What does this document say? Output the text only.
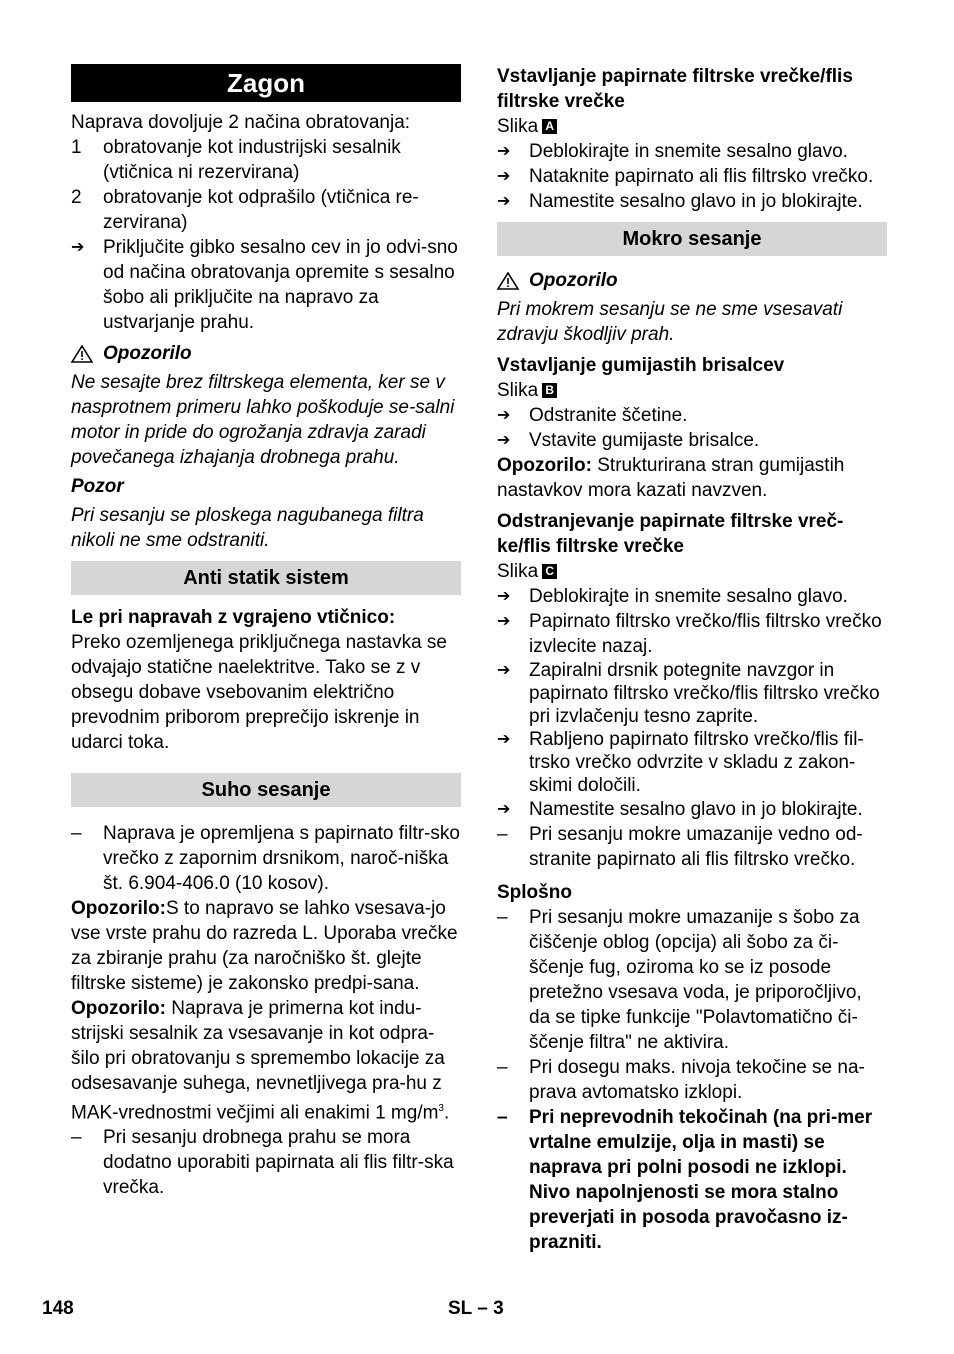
Zagon

Naprava dovoljuje 2 načina obratovanja:

1	obratovanje kot industrijski sesalnik (vtičnica ni rezervirana)
2	obratovanje kot odprašilo (vtičnica re-zervirana)
➔ Priključite gibko sesalno cev in jo odvi-sno od načina obratovanja opremite s sesalno šobo ali priključite na napravo za ustvarjanje prahu.
Opozorilo

Ne sesajte brez filtrskega elementa, ker se v nasprotnem primeru lahko poškoduje se-salni motor in pride do ogrožanja zdravja zaradi povečanega izhajanja drobnega prahu.

Pozor

Pri sesanju se ploskega nagubanega filtra nikoli ne sme odstraniti.

Anti statik sistem

Le pri napravah z vgrajeno vtičnico:

Preko ozemljenega priključnega nastavka se odvajajo statične naelektritve. Tako se z v obsegu dobave vsebovanim električno prevodnim priborom preprečijo iskrenje in udarci toka.

Suho sesanje
–	Naprava je opremljena s papirnato filtr-sko vrečko z zapornim drsnikom, naroč-niška št. 6.904-406.0 (10 kosov).

Opozorilo:S to napravo se lahko vsesava-jo vse vrste prahu do razreda L. Uporaba vrečke za zbiranje prahu (za naročniško št. glejte filtrske sisteme) je zakonsko predpi-sana.

Opozorilo: Naprava je primerna kot indu-strijski sesalnik za vsesavanje in kot odpra-šilo pri obratovanju s spremembo lokacije za odsesavanje suhega, nevnetljivega pra-hu z MAK-vrednostmi večjimi ali enakimi 1 $mg/m^3$.

–	Pri sesanju drobnega prahu se mora dodatno uporabiti papirnata ali flis filtr-ska vrečka.

Vstavljanje papirnate filtrske vrečke/flis filtrske vrečke

Slika A

➔ Deblokirajte in snemite sesalno glavo.
➔ Nataknite papirnato ali flis filtrsko vrečko.
➔ Namestite sesalno glavo in jo blokirajte.
Mokro sesanje
Opozorilo

Pri mokrem sesanju se ne sme vsesavati zdravju škodljiv prah.

Vstavljanje gumijastih brisalcev

Slika B

➔ Odstranite ščetine.
➔ Vstavite gumijaste brisalce.

Opozorilo: Strukturirana stran gumijastih nastavkov mora kazati navzven.

Odstranjevanje papirnate filtrske vreč-ke/flis filtrske vrečke

Slika C

➔ Deblokirajte in snemite sesalno glavo.
➔ Papirnato filtrsko vrečko/flis filtrsko vrečko izvlecite nazaj.
➔ Zapiralni drsnik potegnite navzgor in papirnato filtrsko vrečko/flis filtrsko vrečko pri izvlačenju tesno zaprite.
➔ Rabljeno papirnato filtrsko vrečko/flis fil-trsko vrečko odvrzite v skladu z zakon-skimi določili.
➔ Namestite sesalno glavo in jo blokirajte.
–	Pri sesanju mokre umazanije vedno od-stranite papirnato ali flis filtrsko vrečko.

Splošno

–	Pri sesanju mokre umazanije s šobo za čiščenje oblog (opcija) ali šobo za či-ščenje fug, oziroma ko se iz posode pretežno vsesava voda, je priporočljivo, da se tipke funkcije "Polavtomatično či-ščenje filtra" ne aktivira.
–	Pri dosegu maks. nivoja tekočine se na-prava avtomatsko izklopi.
–	Pri neprevodnih tekočinah (na pri-mer vrtalne emulzije, olja in masti) se naprava pri polni posodi ne izklopi. Nivo napolnjenosti se mora stalno preverjati in posoda pravočasno iz-prazniti.
148	SL – 3
